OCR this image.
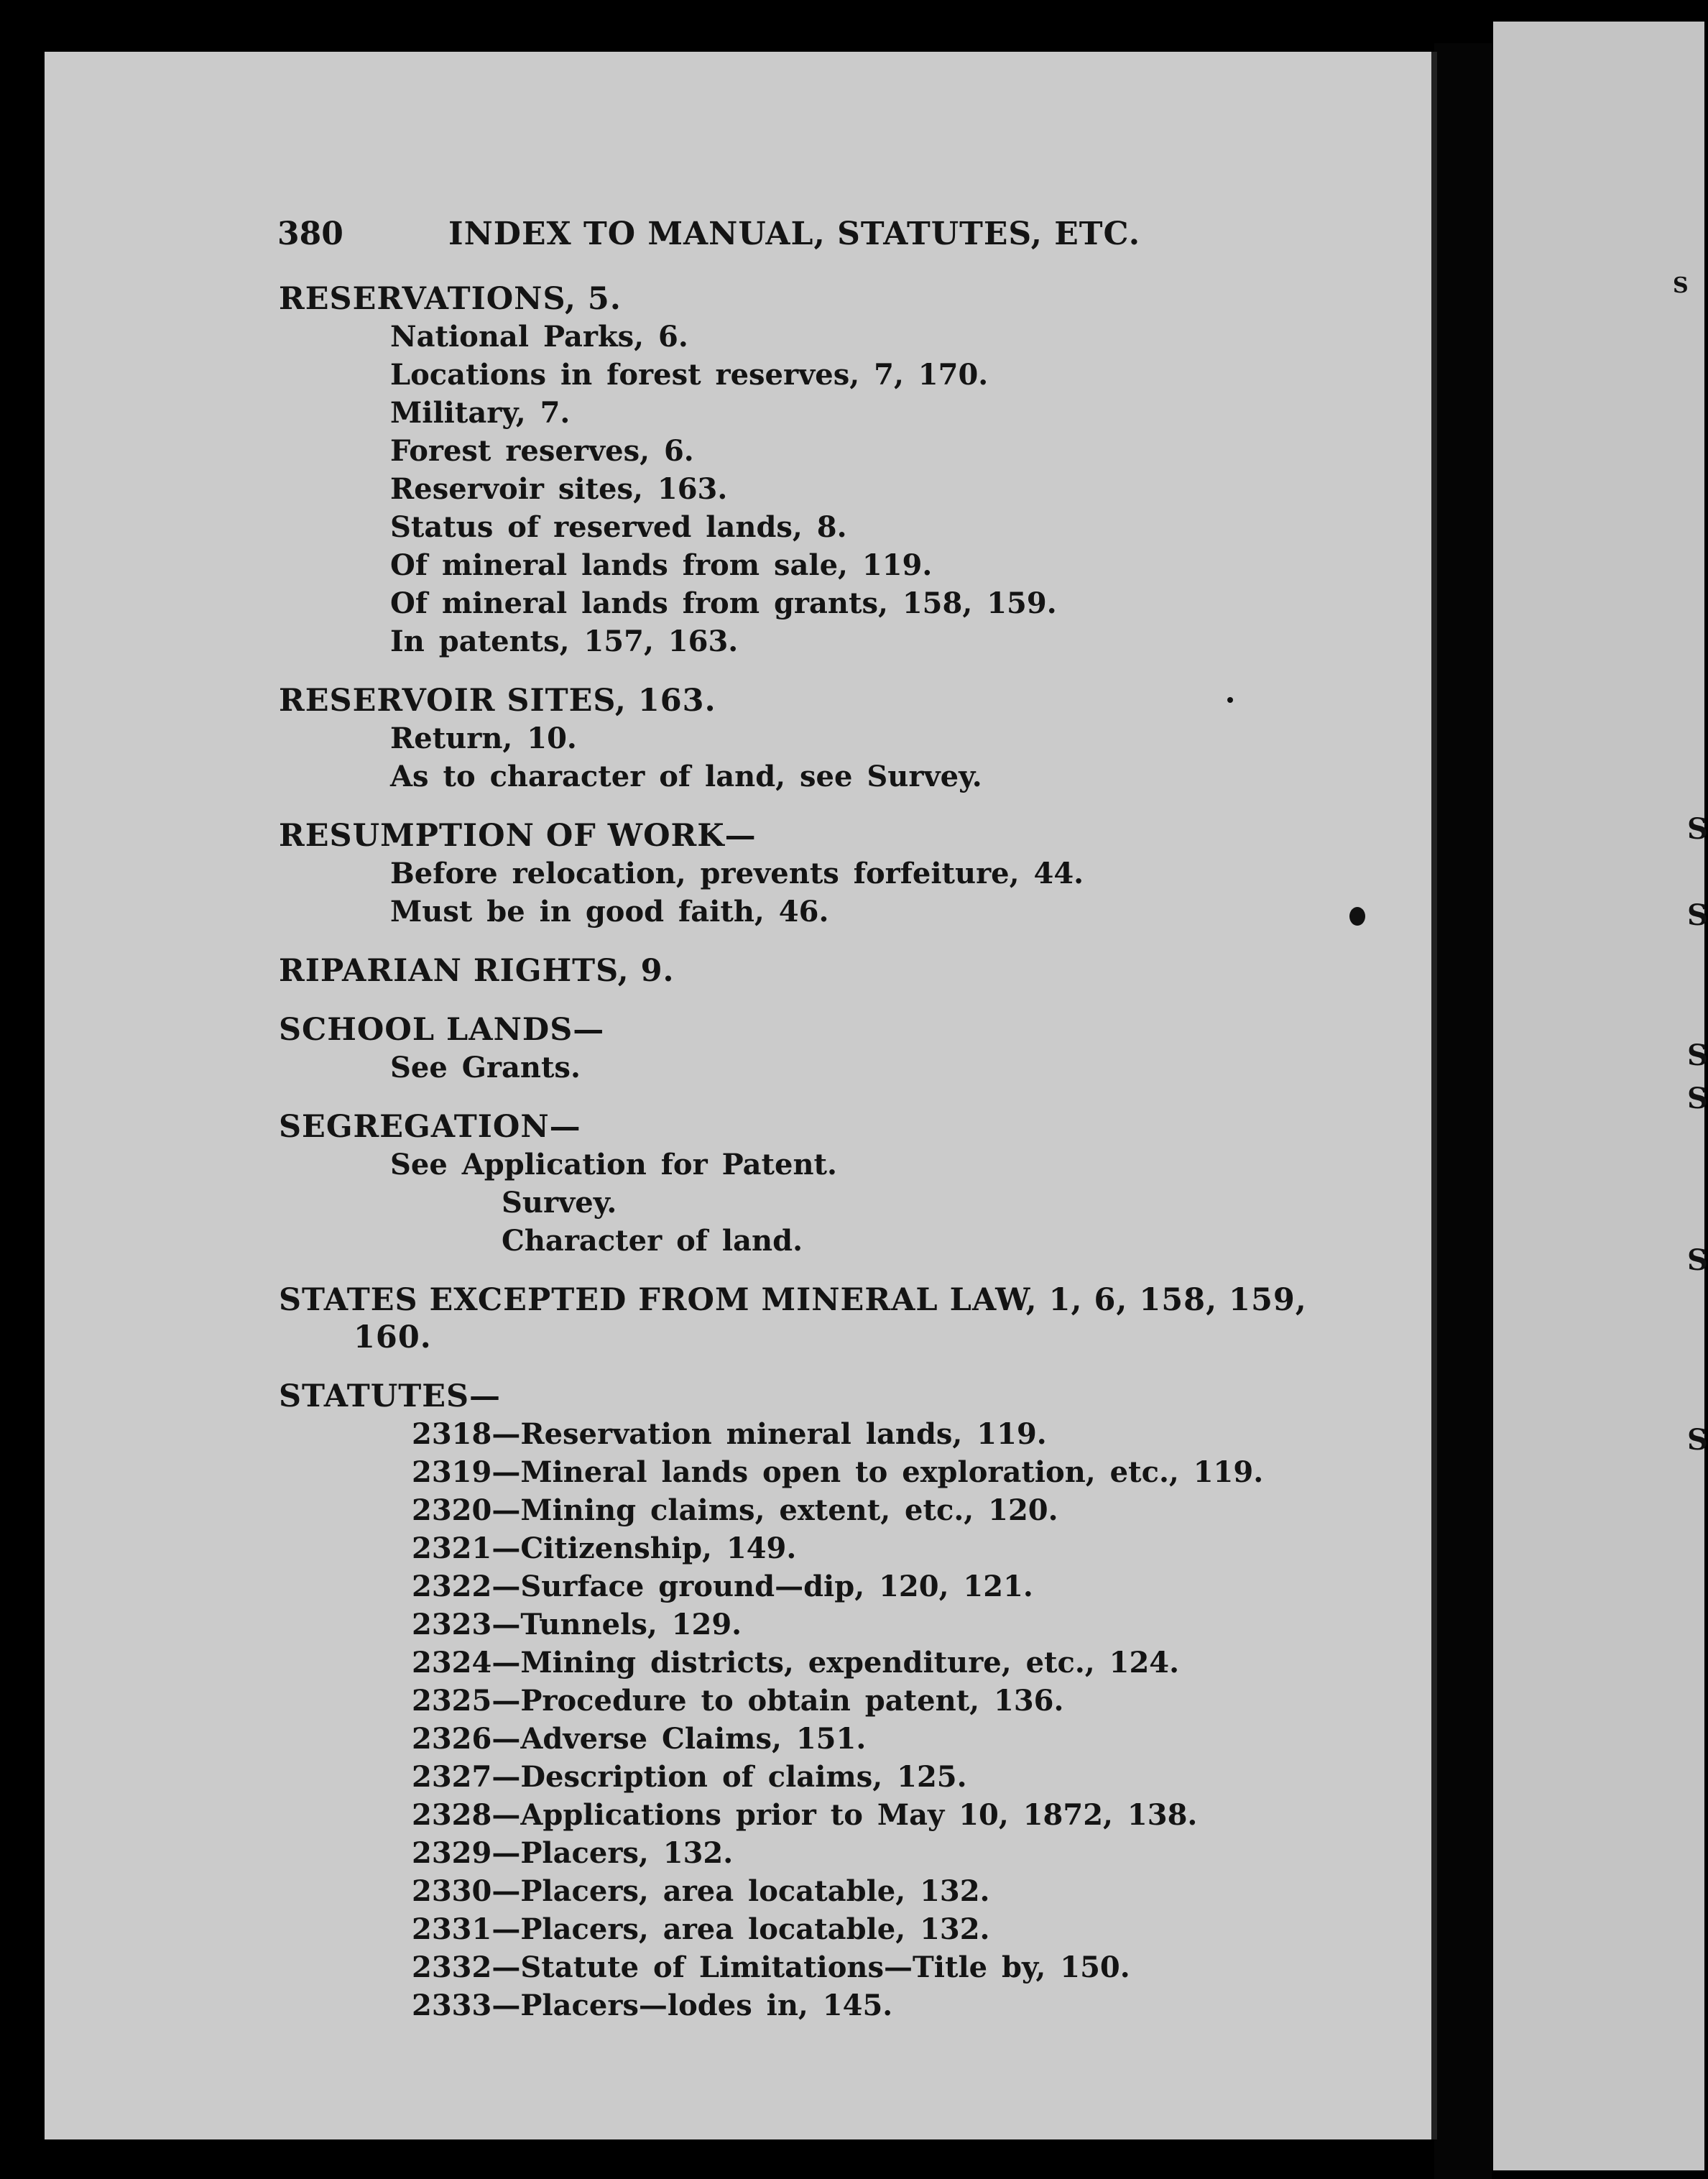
S
S
S
S
S
S
S
380	INDEX TO MANUAL, STATUTES, ETC.
RESERVATIONS, 5.
National Parks, 6.
Locations in forest reserves, 7, 170.
Military, 7.
Forest reserves, 6.
Reservoir sites, 163.
Status of reserved lands, 8.
Of mineral lands from sale, 119.
Of mineral lands from grants, 158, 159.
In patents, 157, 163.
RESERVOIR SITES, 163.
Return, 10.
As to character of land, see Survey.
RESUMPTION OF WORK—
Before relocation, prevents forfeiture, 44.
Must be in good faith, 46.
RIPARIAN RIGHTS, 9.
SCHOOL LANDS—
See Grants.
SEGREGATION—
See Application for Patent.
Survey.
Character of land.
STATES EXCEPTED FROM MINERAL LAW, 1, 6, 158, 159,
160.
STATUTES—
2318—Reservation mineral lands, 119.
2319—Mineral lands open to exploration, etc., 119.
2320—Mining claims, extent, etc., 120.
2321—Citizenship, 149.
2322—Surface ground—dip, 120, 121.
2323—Tunnels, 129.
2324—Mining districts, expenditure, etc., 124.
2325—Procedure to obtain patent, 136.
2326—Adverse Claims, 151.
2327—Description of claims, 125.
2328—Applications prior to May 10, 1872, 138.
2329—Placers, 132.
2330—Placers, area locatable, 132.
2331—Placers, area locatable, 132.
2332—Statute of Limitations—Title by, 150.
2333—Placers—lodes in, 145.
